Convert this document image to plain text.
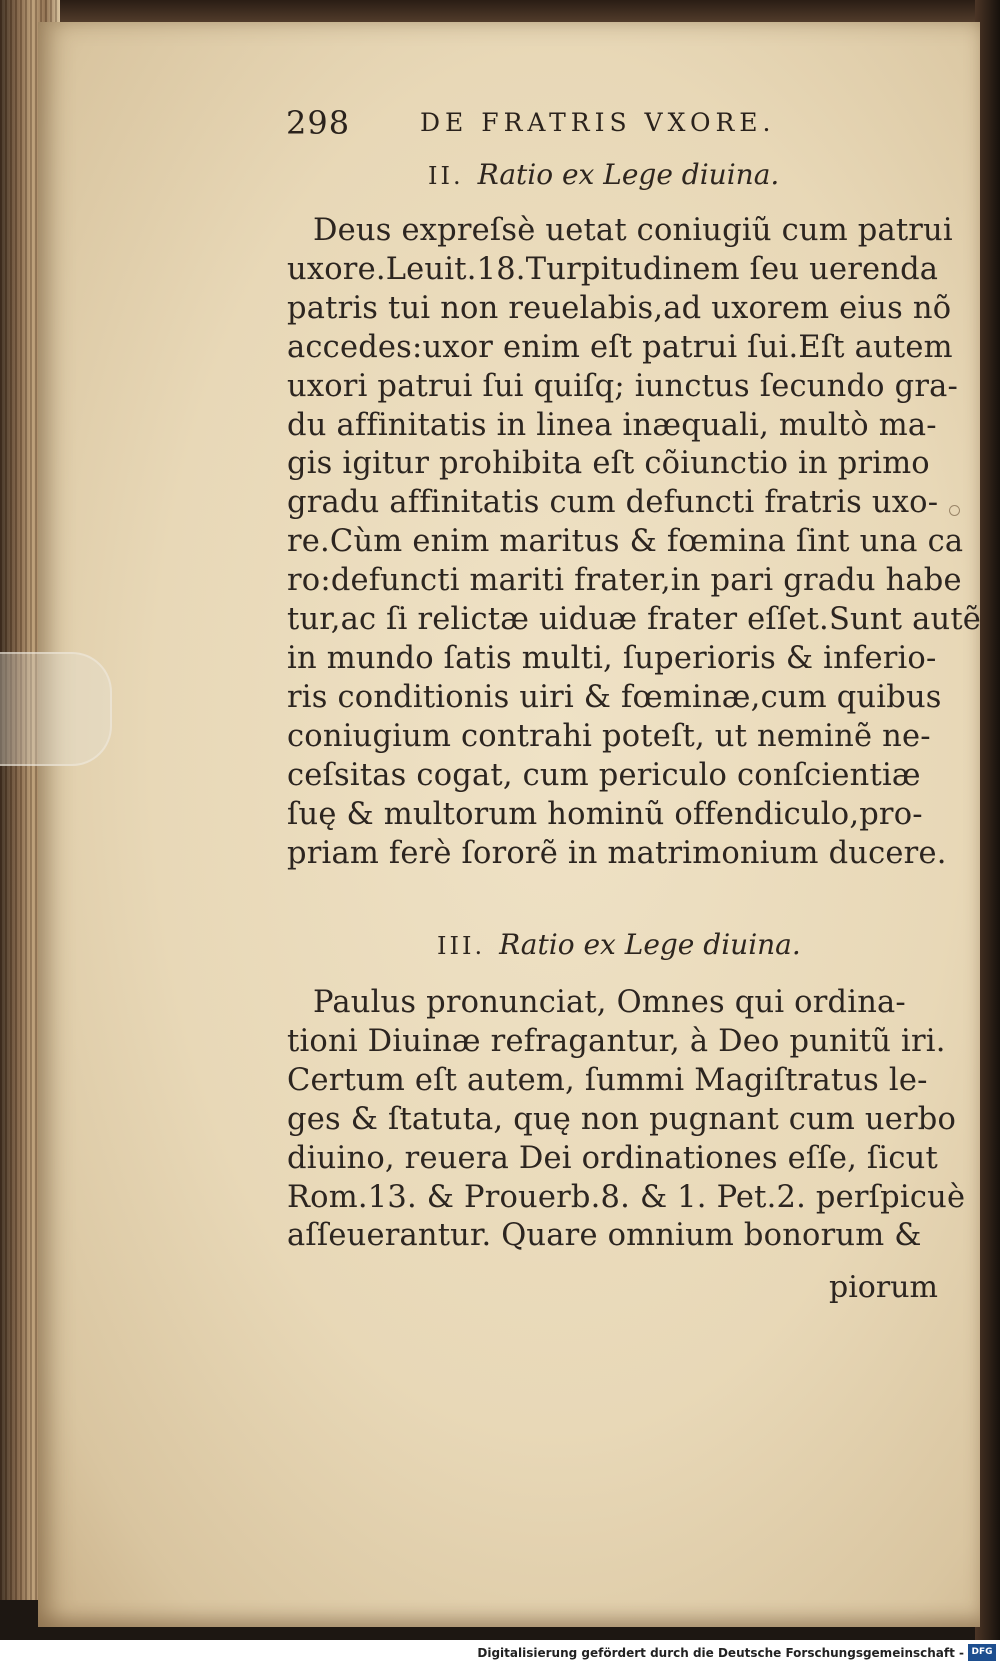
298	DE FRATRIS VXORE.
II. Ratio ex Lege diuina.
Deus expreſsè uetat coniugiũ cum patrui
uxore.Leuit.18.Turpitudinem ſeu uerenda
patris tui non reuelabis,ad uxorem eius nõ
accedes:uxor enim eſt patrui ſui.Eſt autem
uxori patrui ſui quiſq; iunctus ſecundo gra-
du affinitatis in linea inæquali, multò ma-
gis igitur prohibita eſt cõiunctio in primo
gradu affinitatis cum defuncti fratris uxo-
re.Cùm enim maritus & fœmina ſint una ca
ro:defuncti mariti frater,in pari gradu habe
tur,ac ſi relictæ uiduæ frater eſſet.Sunt autẽ
in mundo ſatis multi, ſuperioris & inferio-
ris conditionis uiri & fœminæ,cum quibus
coniugium contrahi poteſt, ut neminẽ ne-
ceſsitas cogat, cum periculo conſcientiæ
ſuę & multorum hominũ offendiculo,pro-
priam ferè ſororẽ in matrimonium ducere.
III. Ratio ex Lege diuina.
Paulus pronunciat, Omnes qui ordina-
tioni Diuinæ refragantur, à Deo punitũ iri.
Certum eſt autem, ſummi Magiſtratus le-
ges & ſtatuta, quę non pugnant cum uerbo
diuino, reuera Dei ordinationes eſſe, ſicut
Rom.13. & Prouerb.8. & 1. Pet.2. perſpicuè
aſſeuerantur. Quare omnium bonorum &
piorum
Digitalisierung gefördert durch die Deutsche Forschungsgemeinschaft - DFG
